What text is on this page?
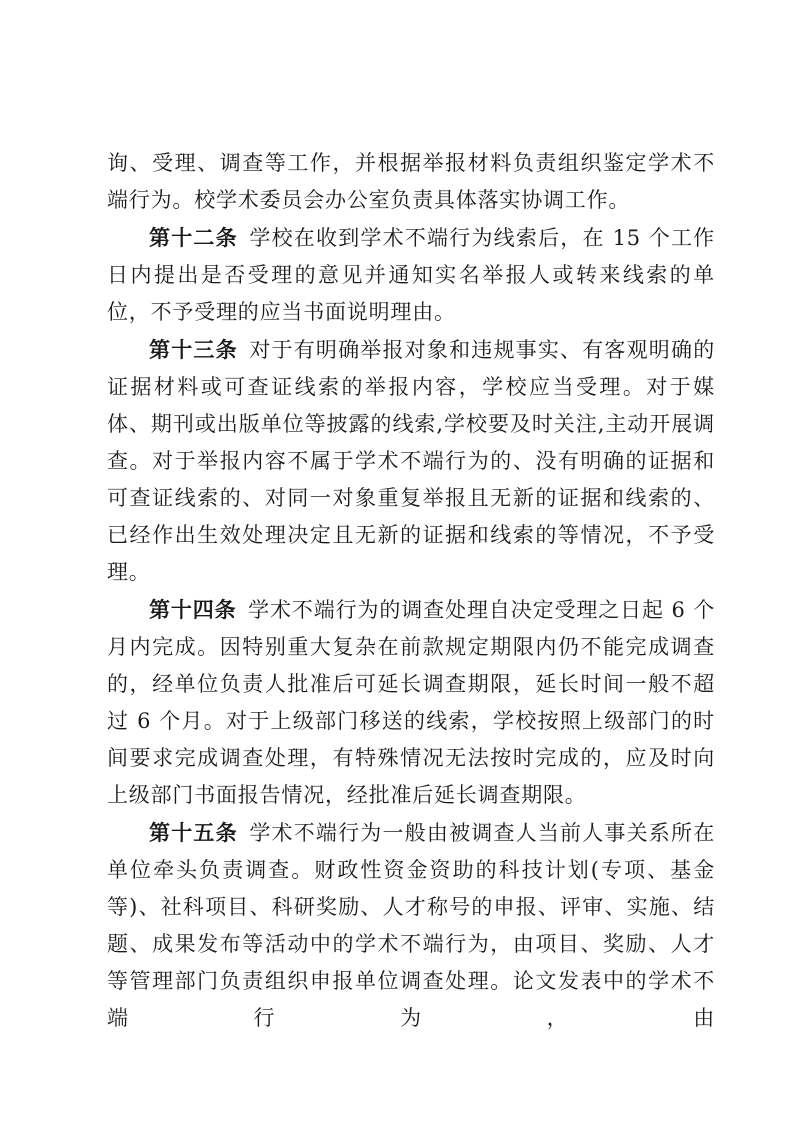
询、受理、调查等工作，并根据举报材料负责组织鉴定学术不端行为。校学术委员会办公室负责具体落实协调工作。

第十二条 学校在收到学术不端行为线索后，在 15 个工作日内提出是否受理的意见并通知实名举报人或转来线索的单位，不予受理的应当书面说明理由。

第十三条 对于有明确举报对象和违规事实、有客观明确的证据材料或可查证线索的举报内容，学校应当受理。对于媒体、期刊或出版单位等披露的线索,学校要及时关注,主动开展调查。对于举报内容不属于学术不端行为的、没有明确的证据和可查证线索的、对同一对象重复举报且无新的证据和线索的、已经作出生效处理决定且无新的证据和线索的等情况，不予受理。

第十四条 学术不端行为的调查处理自决定受理之日起 6 个月内完成。因特别重大复杂在前款规定期限内仍不能完成调查的，经单位负责人批准后可延长调查期限，延长时间一般不超过 6 个月。对于上级部门移送的线索，学校按照上级部门的时间要求完成调查处理，有特殊情况无法按时完成的，应及时向上级部门书面报告情况，经批准后延长调查期限。

第十五条 学术不端行为一般由被调查人当前人事关系所在单位牵头负责调查。财政性资金资助的科技计划(专项、基金等)、社科项目、科研奖励、人才称号的申报、评审、实施、结题、成果发布等活动中的学术不端行为，由项目、奖励、人才等管理部门负责组织申报单位调查处理。论文发表中的学术不端行为，由
